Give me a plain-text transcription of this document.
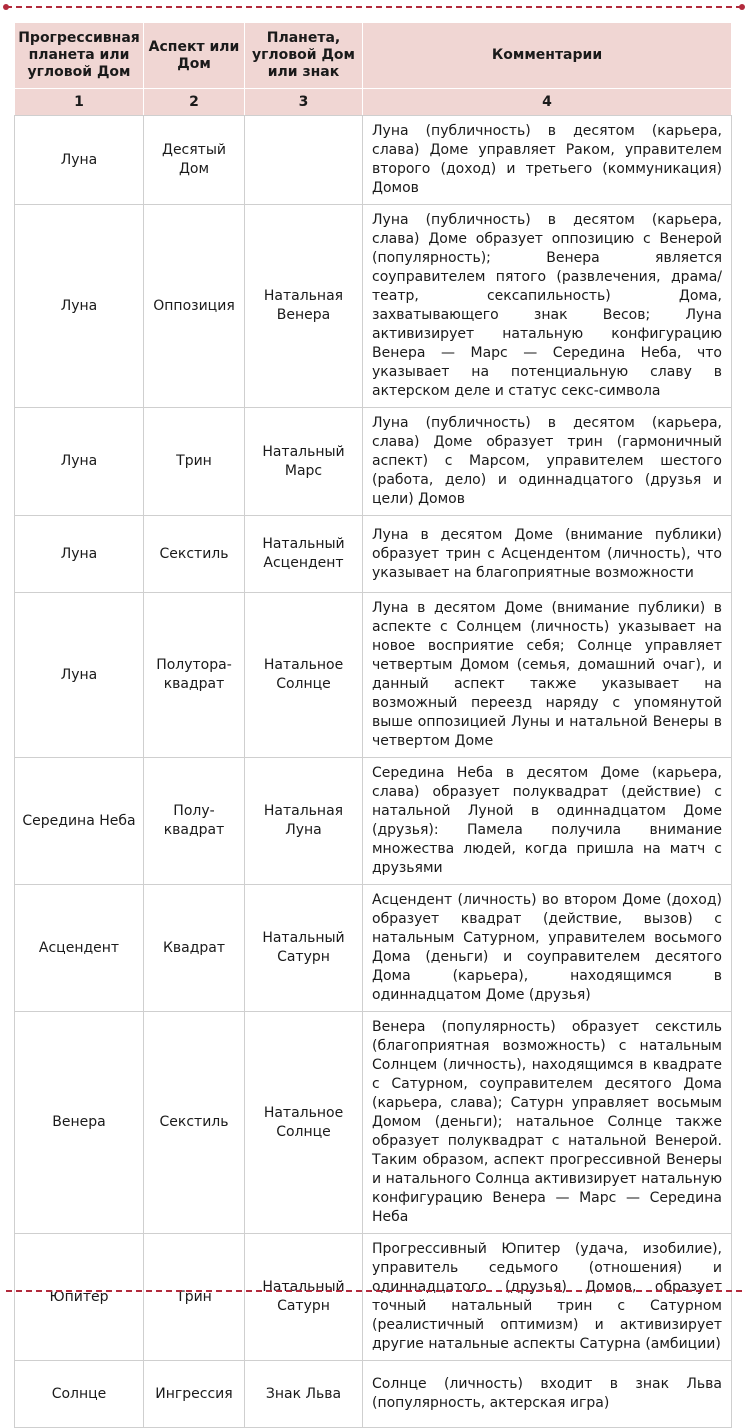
Прогрессивная планета или угловой Дом	Аспект или Дом	Планета, угловой Дом или знак	Комментарии
1	2	3	4
Луна	Десятый Дом		Луна (публичность) в десятом (карьера, слава) Доме управляет Раком, управителем второго (доход) и третьего (коммуникация) Домов
Луна	Оппозиция	Натальная Венера	Луна (публичность) в десятом (карьера, слава) Доме образует оппозицию с Венерой (популярность); Венера является соуправителем пятого (развлечения, драма/театр, сексапильность) Дома, захватывающего знак Весов; Луна активизирует натальную конфигурацию Венера — Марс — Середина Неба, что указывает на потенциальную славу в актерском деле и статус секс-символа
Луна	Трин	Натальный Марс	Луна (публичность) в десятом (карьера, слава) Доме образует трин (гармоничный аспект) с Марсом, управителем шестого (работа, дело) и одиннадцатого (друзья и цели) Домов
Луна	Секстиль	Натальный Асцендент	Луна в десятом Доме (внимание публики) образует трин с Асцендентом (личность), что указывает на благоприятные возможности
Луна	Полутора-квадрат	Натальное Солнце	Луна в десятом Доме (внимание публики) в аспекте с Солнцем (личность) указывает на новое восприятие себя; Солнце управляет четвертым Домом (семья, домашний очаг), и данный аспект также указывает на возможный переезд наряду с упомянутой выше оппозицией Луны и натальной Венеры в четвертом Доме
Середина Неба	Полу-квадрат	Натальная Луна	Середина Неба в десятом Доме (карьера, слава) образует полуквадрат (действие) с натальной Луной в одиннадцатом Доме (друзья): Памела получила внимание множества людей, когда пришла на матч с друзьями
Асцендент	Квадрат	Натальный Сатурн	Асцендент (личность) во втором Доме (доход) образует квадрат (действие, вызов) с натальным Сатурном, управителем восьмого Дома (деньги) и соуправителем десятого Дома (карьера), находящимся в одиннадцатом Доме (друзья)
Венера	Секстиль	Натальное Солнце	Венера (популярность) образует секстиль (благоприятная возможность) с натальным Солнцем (личность), находящимся в квадрате с Сатурном, соуправителем десятого Дома (карьера, слава); Сатурн управляет восьмым Домом (деньги); натальное Солнце также образует полуквадрат с натальной Венерой. Таким образом, аспект прогрессивной Венеры и натального Солнца активизирует натальную конфигурацию Венера — Марс — Середина Неба
Юпитер	Трин	Натальный Сатурн	Прогрессивный Юпитер (удача, изобилие), управитель седьмого (отношения) и одиннадцатого (друзья) Домов, образует точный натальный трин с Сатурном (реалистичный оптимизм) и активизирует другие натальные аспекты Сатурна (амбиции)
Солнце	Ингрессия	Знак Льва	Солнце (личность) входит в знак Льва (популярность, актерская игра)
